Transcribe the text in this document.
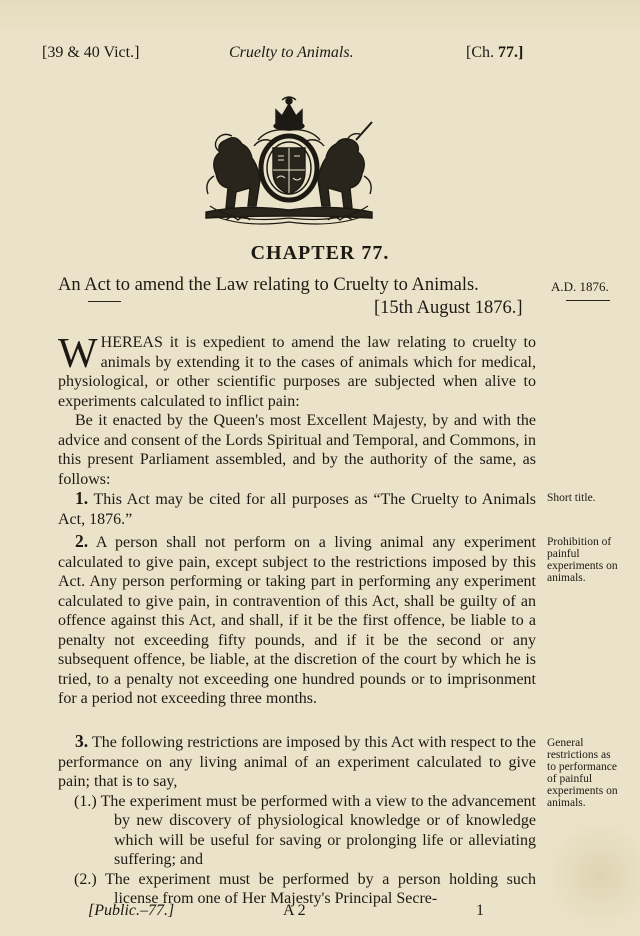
[39 & 40 Vict.]	Cruelty to Animals.	[Ch. 77.]
CHAPTER 77.
An Act to amend the Law relating to Cruelty to Animals.
[15th August 1876.]
A.D. 1876.

WHEREAS it is expedient to amend the law relating to cruelty to animals by extending it to the cases of animals which for medical, physiological, or other scientific purposes are subjected when alive to experiments calculated to inflict pain:

Be it enacted by the Queen's most Excellent Majesty, by and with the advice and consent of the Lords Spiritual and Temporal, and Commons, in this present Parliament assembled, and by the authority of the same, as follows:

1. This Act may be cited for all purposes as “The Cruelty to Animals Act, 1876.”

Short title.

2. A person shall not perform on a living animal any experiment calculated to give pain, except subject to the restrictions imposed by this Act. Any person performing or taking part in performing any experiment calculated to give pain, in contravention of this Act, shall be guilty of an offence against this Act, and shall, if it be the first offence, be liable to a penalty not exceeding fifty pounds, and if it be the second or any subsequent offence, be liable, at the discretion of the court by which he is tried, to a penalty not exceeding one hundred pounds or to imprisonment for a period not exceeding three months.

Prohibition of painful experiments on animals.

3. The following restrictions are imposed by this Act with respect to the performance on any living animal of an experiment calculated to give pain; that is to say,

(1.) The experiment must be performed with a view to the advancement by new discovery of physiological knowledge or of knowledge which will be useful for saving or prolonging life or alleviating suffering; and

(2.) The experiment must be performed by a person holding such license from one of Her Majesty's Principal Secre-

General restrictions as to performance of painful experiments on animals.
[Public.–77.]	A 2	1
